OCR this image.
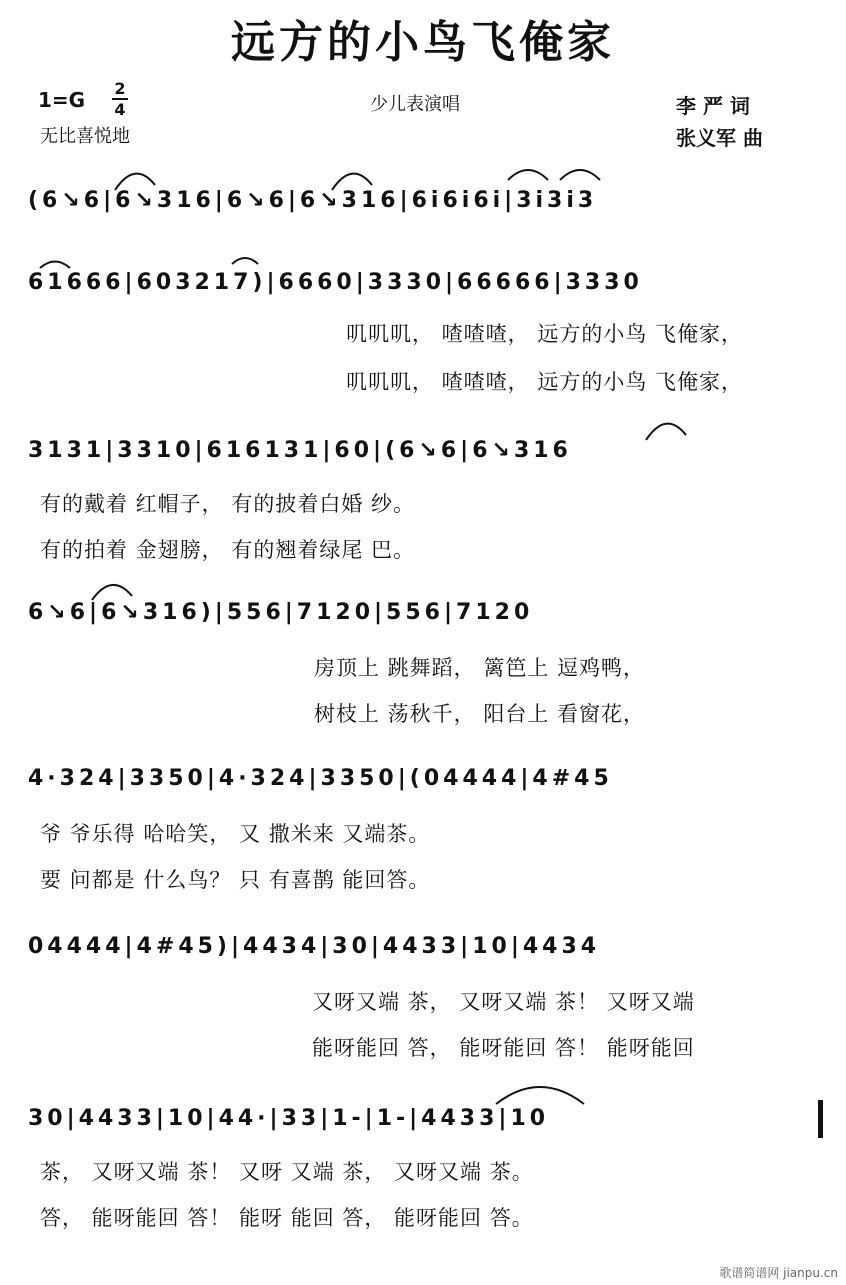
远方的小鸟飞俺家
1=G 2
4
无比喜悦地
少儿表演唱	李 严 词
张义军 曲
(6↘6|6↘316|6↘6|6↘316|6i6i6i|3i3i3
61666|603217)|6660|3330|66666|3330
叽叽叽， 喳喳喳， 远方的小鸟 飞俺家，
叽叽叽， 喳喳喳， 远方的小鸟 飞俺家，
3131|3310|616131|60|(6↘6|6↘316
有的戴着 红帽子， 有的披着白婚 纱。
有的拍着 金翅膀， 有的翘着绿尾 巴。
6↘6|6↘316)|556|7120|556|7120
房顶上 跳舞蹈， 篱笆上 逗鸡鸭，
树枝上 荡秋千， 阳台上 看窗花，
4·324|3350|4·324|3350|(04444|4#45
爷 爷乐得 哈哈笑， 又 撒米来 又端茶。
要 问都是 什么鸟？ 只 有喜鹊 能回答。
04444|4#45)|4434|30|4433|10|4434
又呀又端 茶， 又呀又端 茶！ 又呀又端
能呀能回 答， 能呀能回 答！ 能呀能回
30|4433|10|44·|33|1-|1-|4433|10
茶， 又呀又端 茶！ 又呀 又端 茶， 又呀又端 茶。
答， 能呀能回 答！ 能呀 能回 答， 能呀能回 答。
歌谱简谱网 jianpu.cn
